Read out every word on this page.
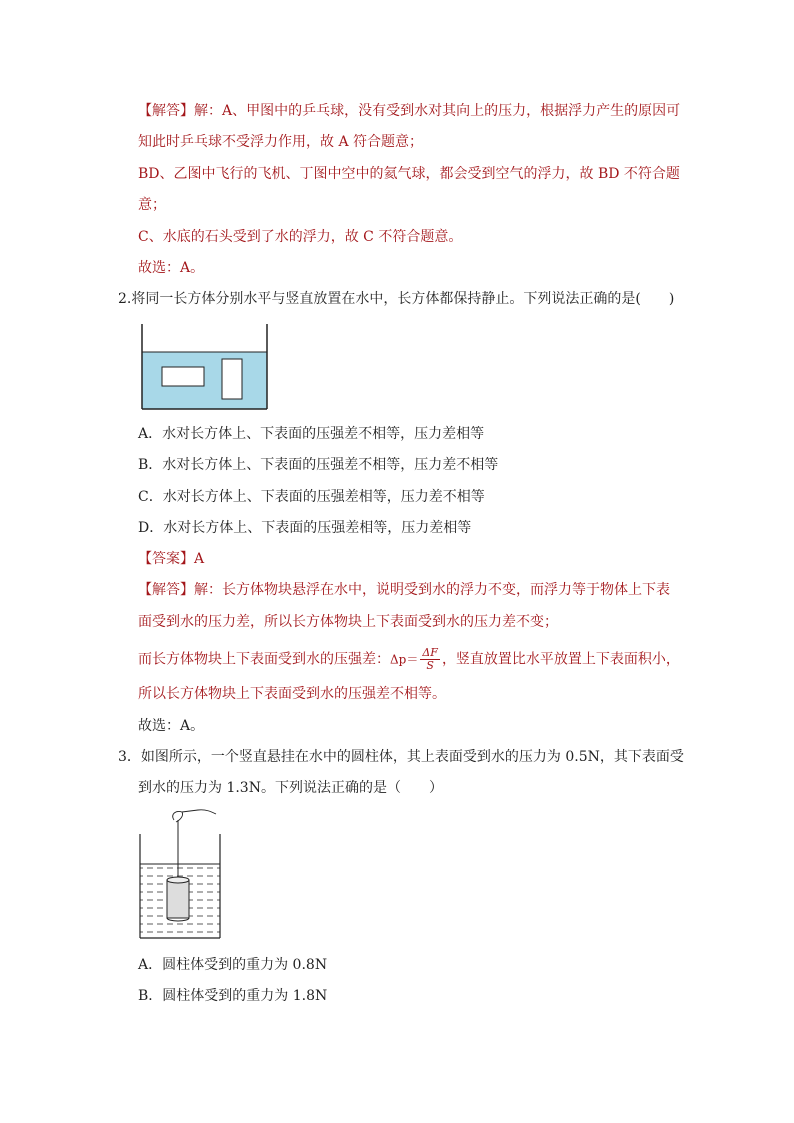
【解答】解：A、甲图中的乒乓球，没有受到水对其向上的压力，根据浮力产生的原因可
知此时乒乓球不受浮力作用，故 A 符合题意；
BD、乙图中飞行的飞机、丁图中空中的氦气球，都会受到空气的浮力，故 BD 不符合题
意；
C、水底的石头受到了水的浮力，故 C 不符合题意。
故选：A。
2.将同一长方体分别水平与竖直放置在水中，长方体都保持静止。下列说法正确的是(　　)
A．水对长方体上、下表面的压强差不相等，压力差相等
B．水对长方体上、下表面的压强差不相等，压力差不相等
C．水对长方体上、下表面的压强差相等，压力差不相等
D．水对长方体上、下表面的压强差相等，压力差相等
【答案】A
【解答】解：长方体物块悬浮在水中，说明受到水的浮力不变，而浮力等于物体上下表
面受到水的压力差，所以长方体物块上下表面受到水的压力差不变；
而长方体物块上下表面受到水的压强差：$\Delta p= \frac{\Delta F}{S}$ ，竖直放置比水平放置上下表面积小，
所以长方体物块上下表面受到水的压强差不相等。
故选：A。
3．如图所示，一个竖直悬挂在水中的圆柱体，其上表面受到水的压力为 0.5N，其下表面受
到水的压力为 1.3N。下列说法正确的是（　　）
A．圆柱体受到的重力为 0.8N
B．圆柱体受到的重力为 1.8N
